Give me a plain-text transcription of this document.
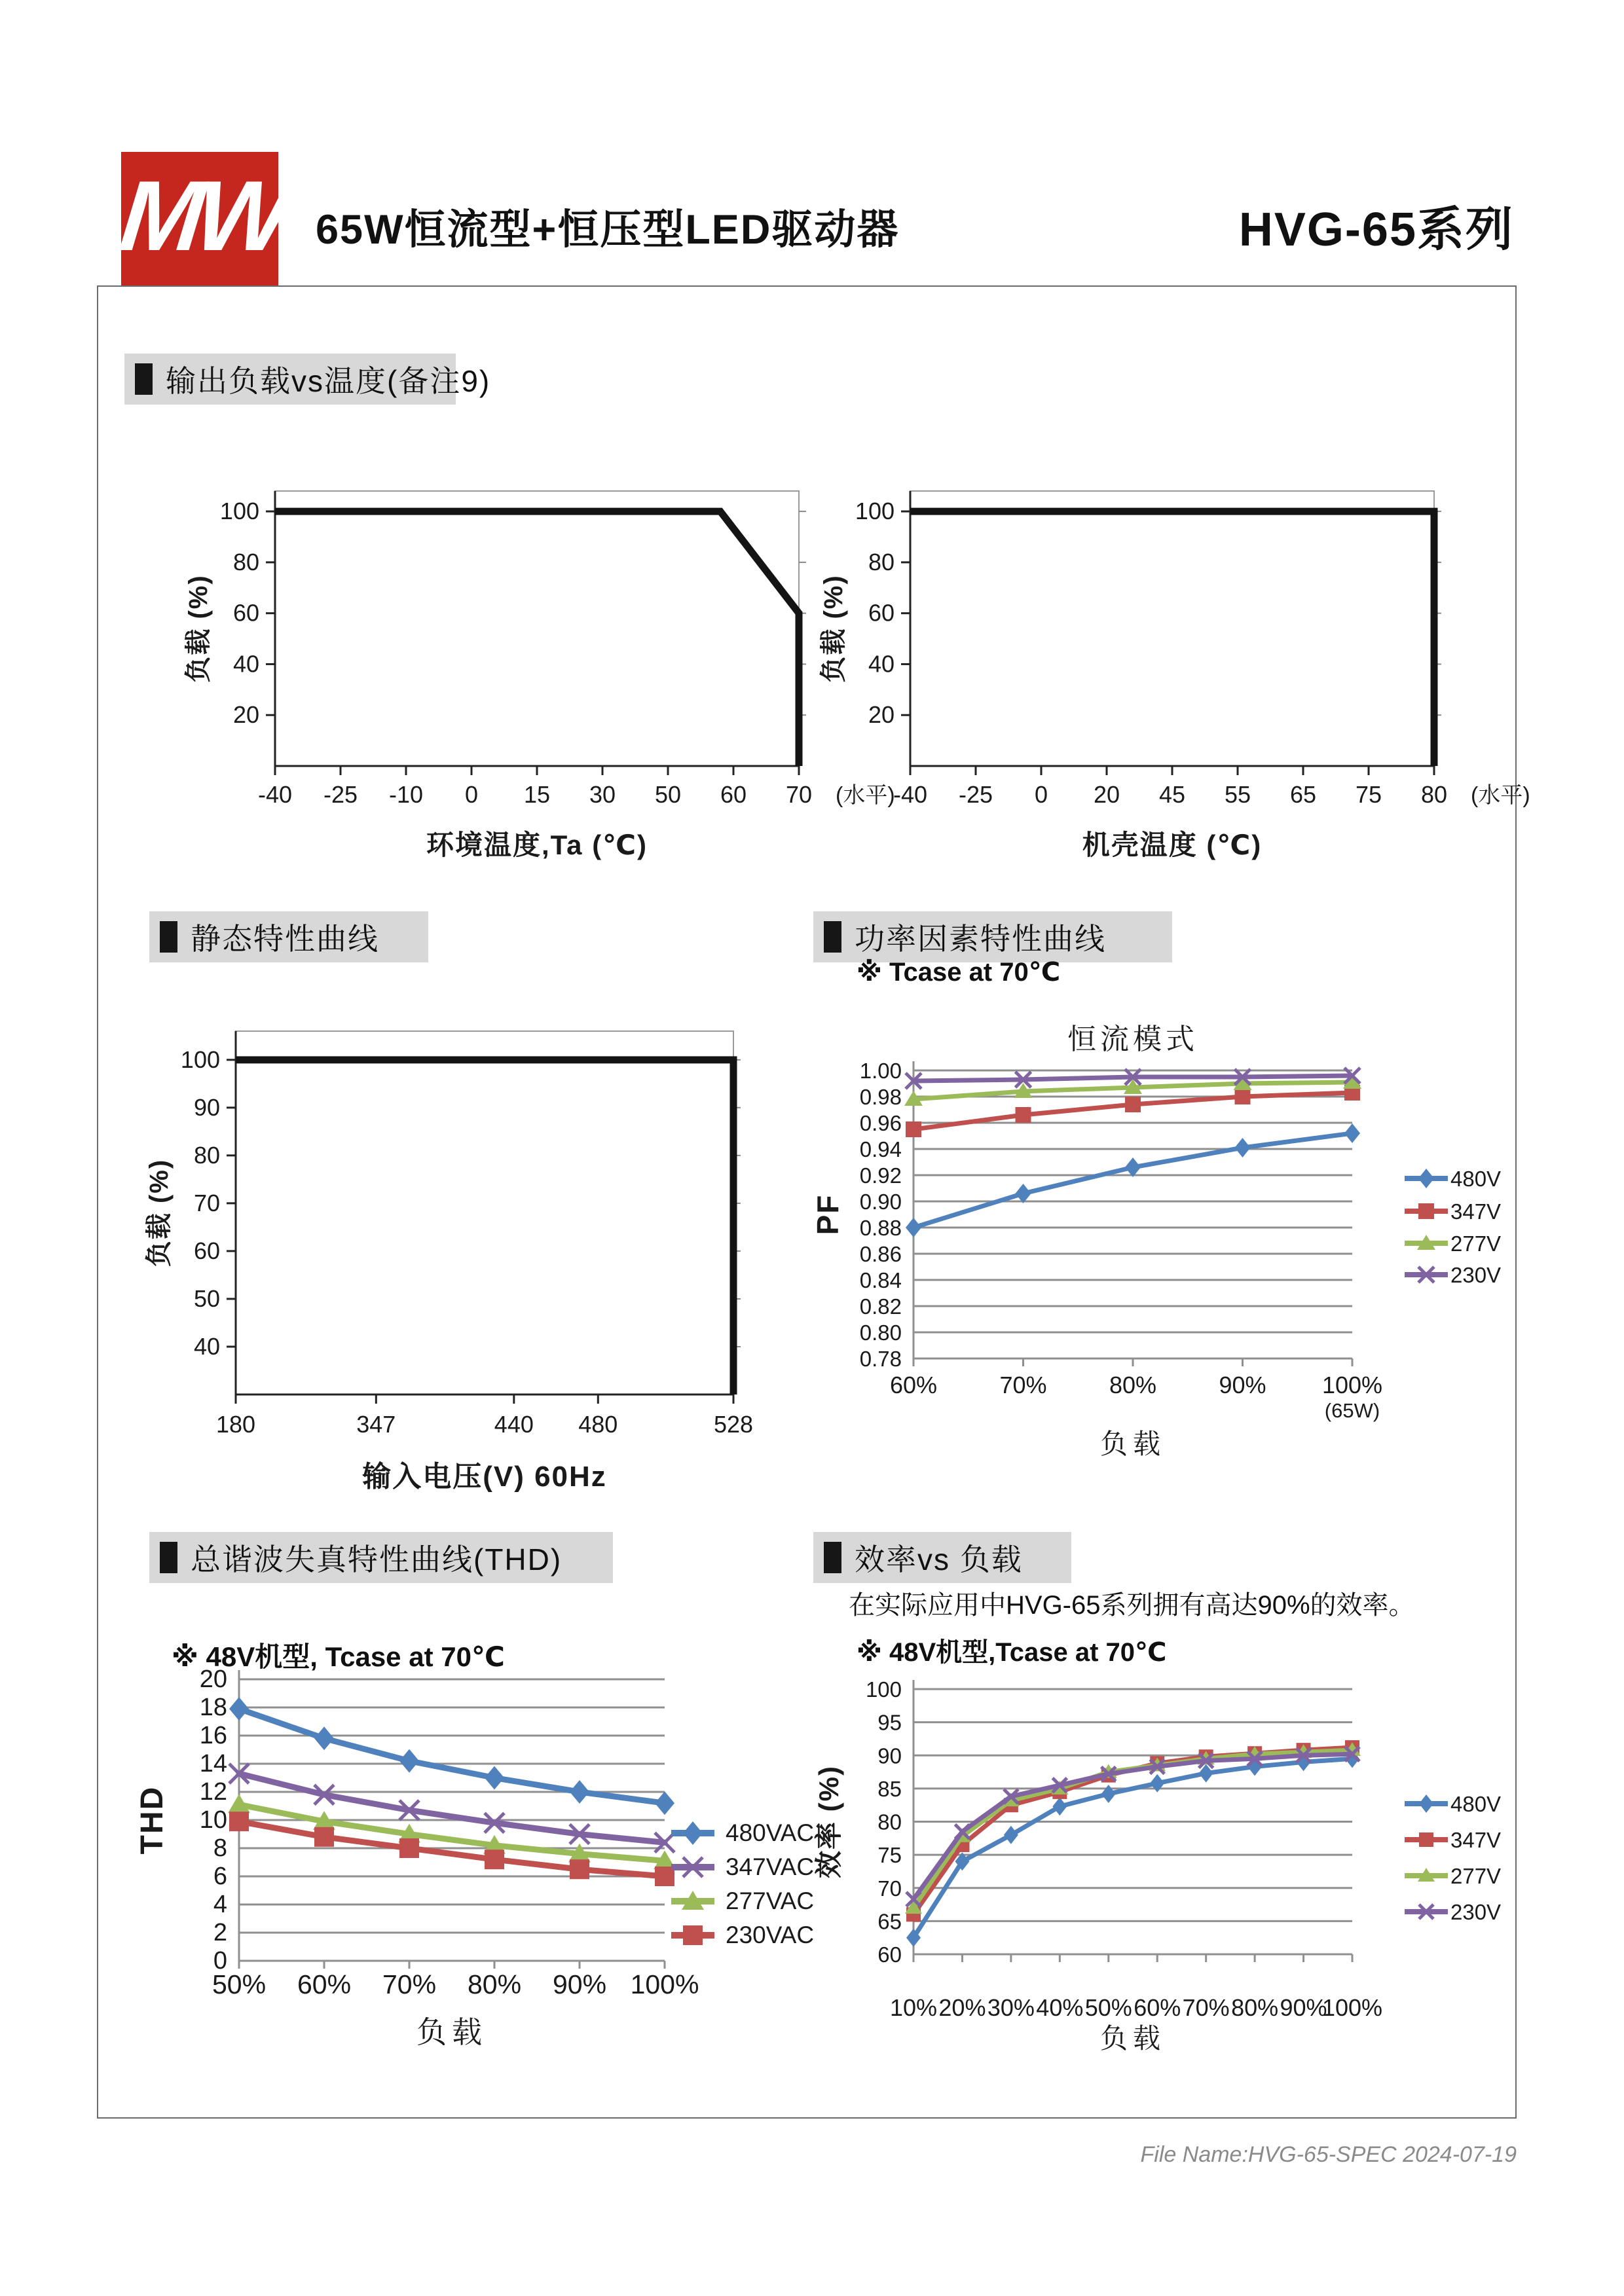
MW 65W恒流型+恒压型LED驱动器	HVG-65系列
输出负载vs温度(备注9)
静态特性曲线	功率因素特性曲线
总谐波失真特性曲线(THD)	效率vs 负载
※ Tcase at 70℃
※ 48V机型, Tcase at 70℃
在实际应用中HVG-65系列拥有高达90%的效率。
※ 48V机型,Tcase at 70℃
20
40
60
80
100
-40 -25 -10 0 15 30 50 60 70 (水平)
环境温度,Ta (℃)
负载 (%)
20
40
60
80
100
-40 -25 0 20 45 55 65 75 80 (水平)
机壳温度 (℃)
负载 (%)
40
50
60
70
80
90
100
180	347	440 480	528
输入电压(V) 60Hz
负载 (%)
0.78
0.80
0.82
0.84
0.86
0.88
0.90
0.92
0.94
0.96
0.98
1.00
60%	70%	80%	90% 100%
(65W)
恒流模式
负载
PF
480V
347V
277V
230V
0
2
4
6
8
10
12
14
16
18
20
50% 60% 70% 80% 90% 100%
负载
THD	480VAC
347VAC
277VAC
230VAC
60
65
70
75
80
85
90
95
100
10% 20% 30% 40% 50% 60% 70% 80% 90%
100%
负载
效率 (%)	480V
347V
277V
230V
File Name:HVG-65-SPEC 2024-07-19
